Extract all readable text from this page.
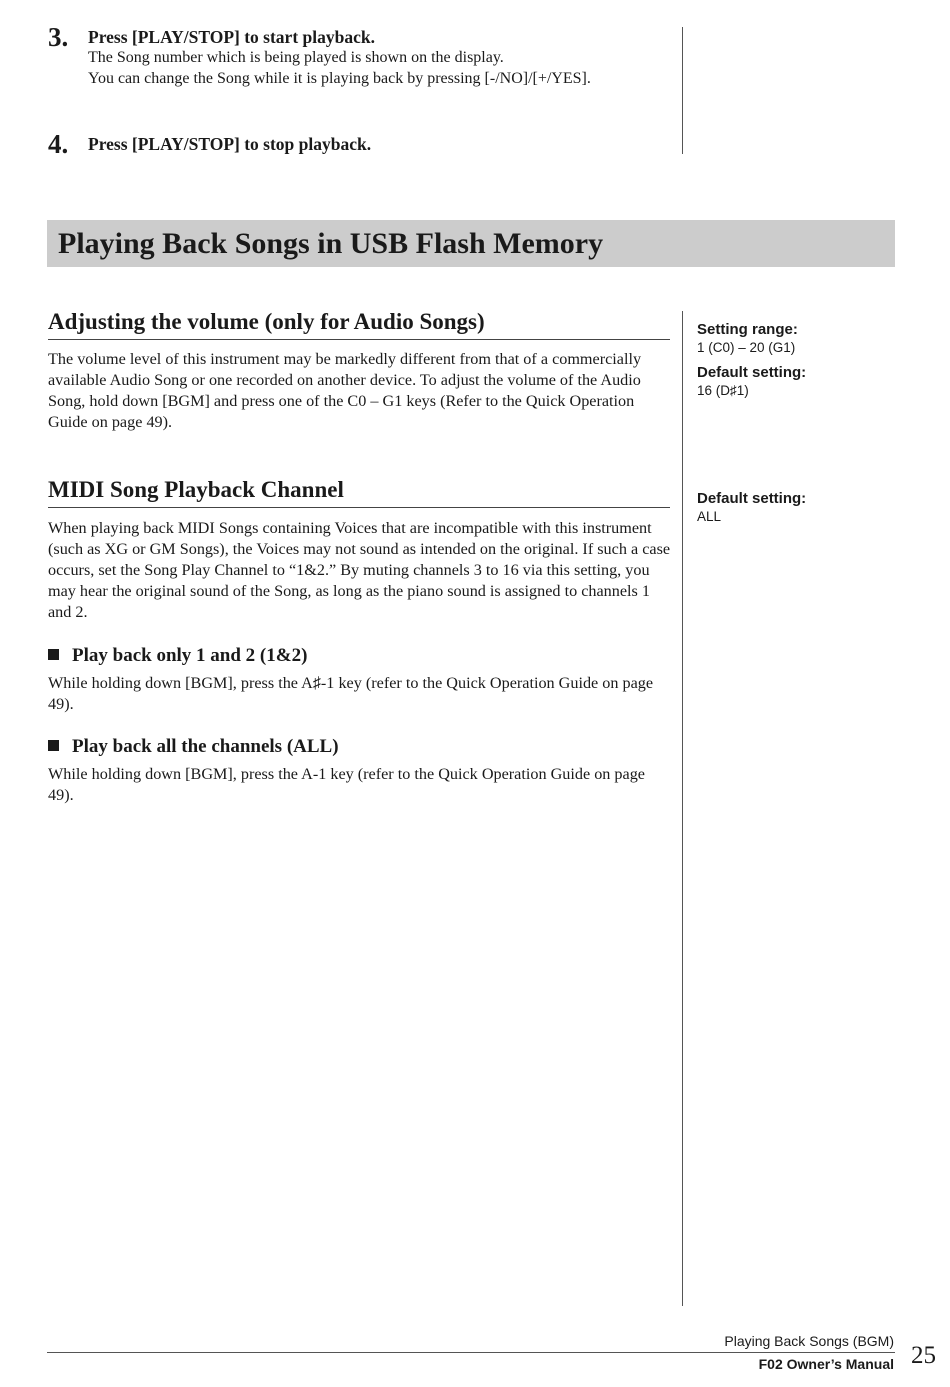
3. Press [PLAY/STOP] to start playback.
The Song number which is being played is shown on the display.
You can change the Song while it is playing back by pressing [-/NO]/[+/YES].
4. Press [PLAY/STOP] to stop playback.
Playing Back Songs in USB Flash Memory
Adjusting the volume (only for Audio Songs)
The volume level of this instrument may be markedly different from that of a commercially available Audio Song or one recorded on another device. To adjust the volume of the Audio Song, hold down [BGM] and press one of the C0 – G1 keys (Refer to the Quick Operation Guide on page 49).
Setting range:
1 (C0) – 20 (G1)
Default setting:
16 (D♯1)
MIDI Song Playback Channel
When playing back MIDI Songs containing Voices that are incompatible with this instrument (such as XG or GM Songs), the Voices may not sound as intended on the original. If such a case occurs, set the Song Play Channel to “1&2.” By muting channels 3 to 16 via this setting, you may hear the original sound of the Song, as long as the piano sound is assigned to channels 1 and 2.
Default setting:
ALL
Play back only 1 and 2 (1&2)
While holding down [BGM], press the A♯-1 key (refer to the Quick Operation Guide on page 49).
Play back all the channels (ALL)
While holding down [BGM], press the A-1 key (refer to the Quick Operation Guide on page 49).
Playing Back Songs (BGM)
F02 Owner’s Manual 25
